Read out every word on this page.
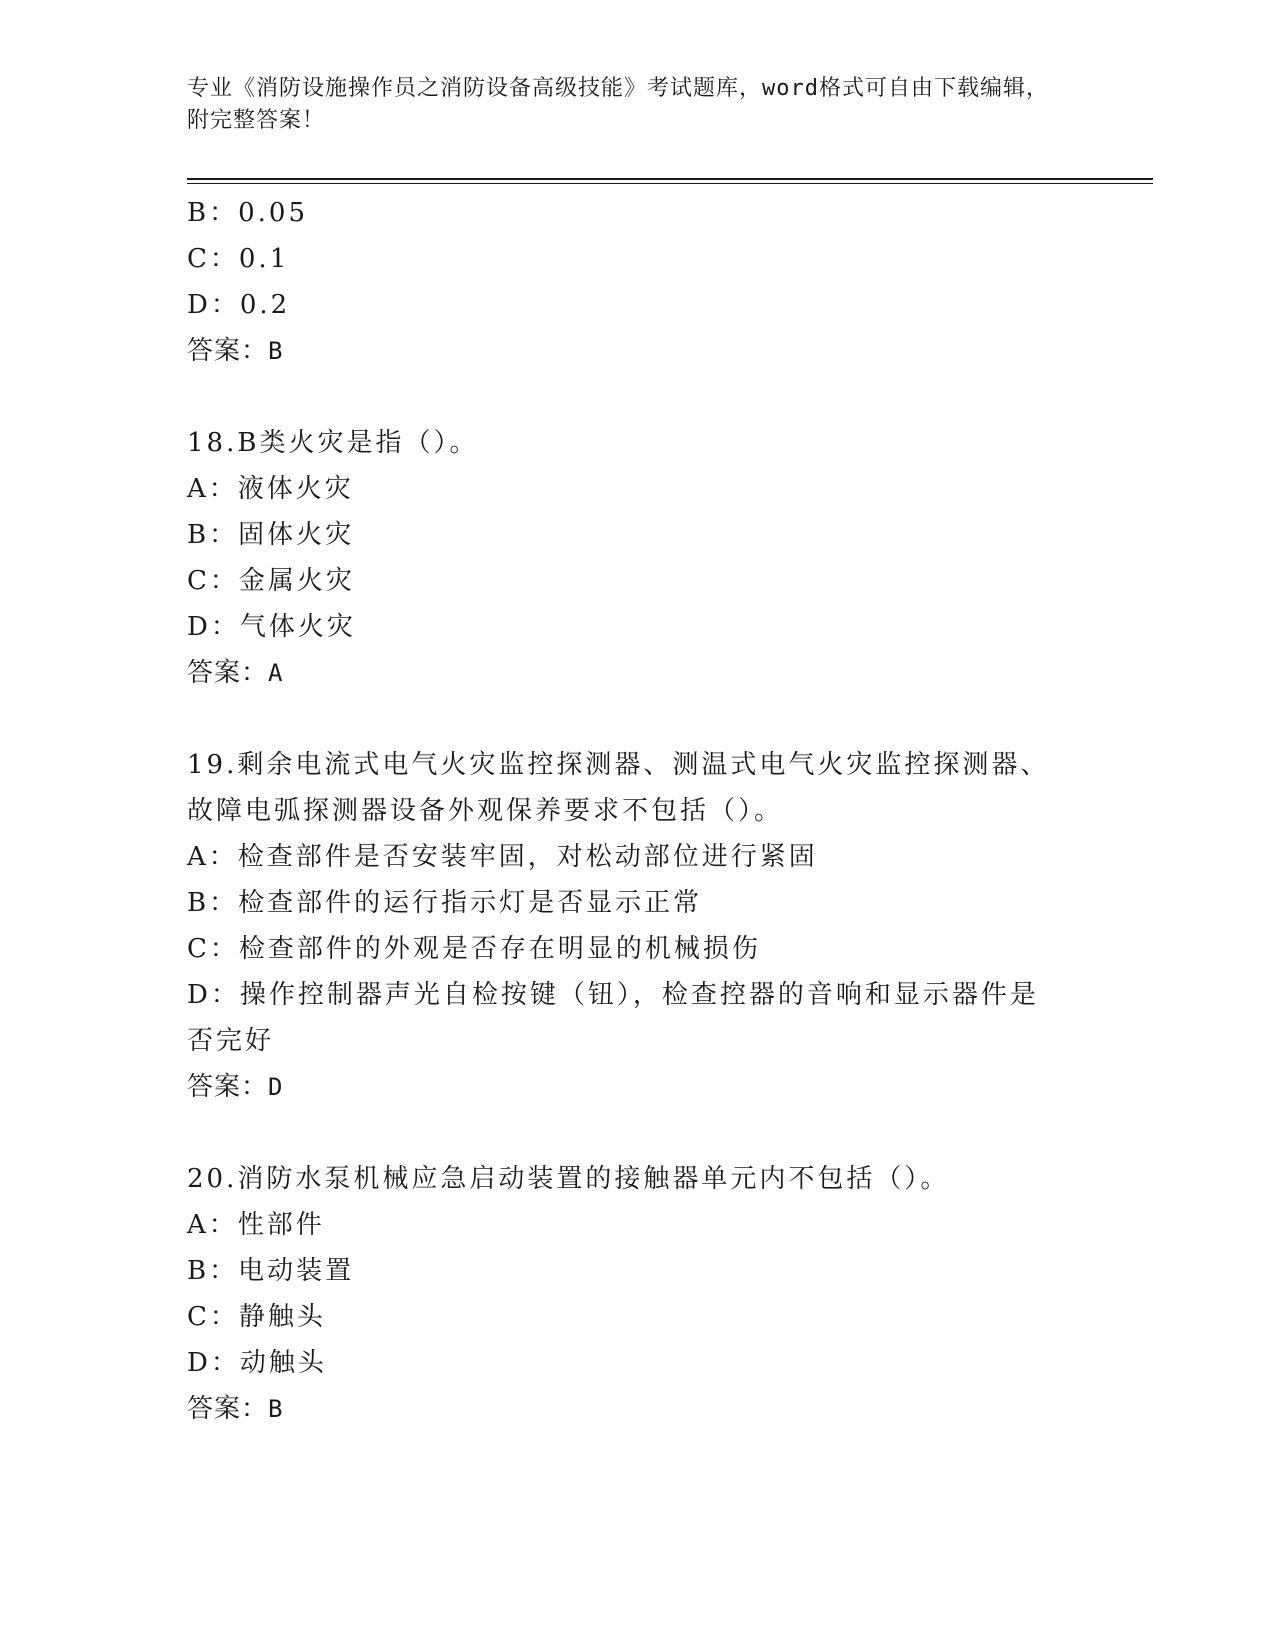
专业《消防设施操作员之消防设备高级技能》考试题库，word格式可自由下载编辑，附完整答案！
B：0.05
C：0.1
D：0.2
答案：B
18.B类火灾是指（）。
A：液体火灾
B：固体火灾
C：金属火灾
D：气体火灾
答案：A
19.剩余电流式电气火灾监控探测器、测温式电气火灾监控探测器、故障电弧探测器设备外观保养要求不包括（）。
A：检查部件是否安装牢固，对松动部位进行紧固
B：检查部件的运行指示灯是否显示正常
C：检查部件的外观是否存在明显的机械损伤
D：操作控制器声光自检按键（钮），检查控器的音响和显示器件是否完好
答案：D
20.消防水泵机械应急启动装置的接触器单元内不包括（）。
A：性部件
B：电动装置
C：静触头
D：动触头
答案：B
